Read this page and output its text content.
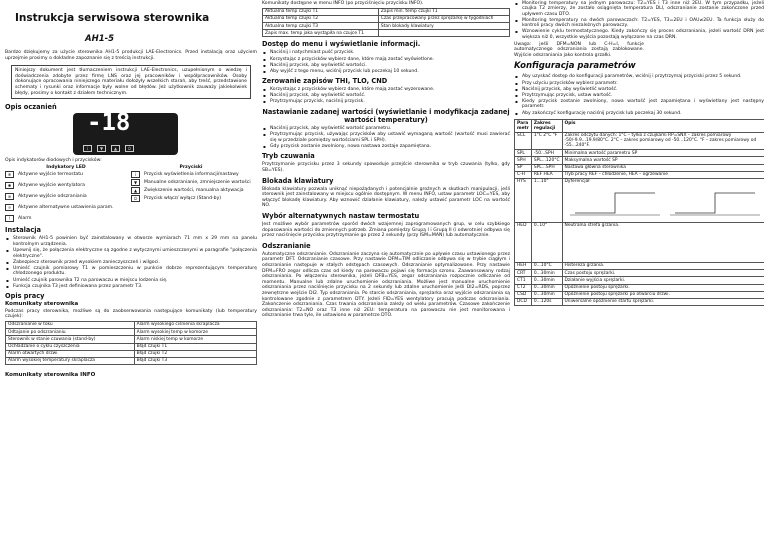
Instrukcja serwisowa sterownika
AH1-5
Bardzo dziękujemy za użycie sterownika AH1-5 produkcji LAE-Electronics. Przed instalacją oraz użyciem uprzejmie prosimy o dokładne zapoznanie się z treścią instrukcji.
Niniejszy dokument jest tłumaczeniem instrukcji LAE-Electronics, uzupełnionym o wiedzę i doświadczenia zdobyte przez firmę LNS oraz jej pracowników i współpracowników. Osoby dokonujące opracowania niniejszego materiału dołożyły wszelkich starań, aby treść, przedstawione schematy i rysunki oraz informacje były wolne od błędów. Jeż użytkownik zauważy jakiekolwiek błędy, prosimy o kontakt z działem technicznym.
Opis oczanień
-18
i	▼	▲	⏻
Opis indykatorów diodowych i przycisków:
Indykatory LED
❄	Aktywne wyjście termostatu
✱	Aktywne wyjście wentylatora
≋	Aktywne wyjście odszraniania
☼	Aktywne alternatywne ustawienia param.
!	Alarm
Przyciski
i	Przycisk wyświetlenia informacji/nastawy
▼	Manualne odszranianie, zmniejszenie wartości
▲	Zwiększenie wartości, manualna aktywacja
⏻	Przycisk włącz/ wyłącz (Stand-by)
Instalacja
▪ Sterownik AH1-5 powinien być zainstalowany w otworze wymiarach 71 mm x 29 mm na panelu kontrolnym urządzenia.
▪ Upewnij się, że połączenia elektryczne są zgodne z wytycznymi umieszczonymi w paragrafie "połączenia elektryczne".
▪ Zabezpiecz sterownik przed wysokiem zanieczyszczeń i wilgoci.
▪ Umieść czujnik pomiarowy T1 w pomieszczeniu w punkcie dobrze reprezentującym temperaturę chłodzonego produktu.
▪ Umieść czujnik parownika T2 na parowaczu w miejscu lodzenia się.
▪ Funkcja czujnika T3 jest definiowana przez parametr T3.
Opis pracy
Komunikaty sterownika
Podczas pracy sterownika, możliwe są do zaobserwowania następujące komunikaty (lub temperatury czujek):
Odszranianie w toku	Alarm wysokiego ciśnienia skraplacza
Odtajanie po odszranianiu	Alarm wysokiej temp w komorze
Sterownik w stanie czuwania (stand-by)	Alarm niskiej temp w komorze
Ochładzanie o cyklu czyszczenia	Błąd czujki T1
Alarm otwartych drzwi	Błąd czujki T2
Alarm wysokiej temperatury skraplacza	Błąd czujki T3
Komunikaty sterownika INFO
Komunikaty dostępne w menu INFO (po przyciśnięciu przycisku INFO).
Aktualna temp czujki T1	Zapis min. temp czujki T1
Aktualna temp czujki T2	Czas przepracowany przez sprężarkę w tygodniach
Aktualna temp czujki T3	Stan blokady klawiatury
Zapis max. temp jaka wystąpiła na czujce T1	
Dostęp do menu i wyświetlanie informacji.
▪ Naciśnij i natychmiast puść przycisk.
▪ Korzystając z przycisków wybierz dane, które mają zostać wyświetlone.
▪ Naciśnij przycisk, aby wyświetlić wartości.
▪ Aby wyjść z tego menu, wciśnij przycisk lub poczekaj 10 sekund.
Zerowanie zapisów THI, TLO, CND
▪ Korzystając z przycisków wybierz dane, które mają zostać wyzerowane.
▪ Naciśnij przycisk, aby wyświetlić wartość.
▪ Przytrzymując przycisk, naciśnij przycisk.
Nastawianie zadanej wartości (wyświetlanie i modyfikacja zadanej wartości temperatury)
▪ Naciśnij przycisk, aby wyświetlić wartość parametru.
▪ Przytrzymując przycisk, używając przycisków aby ustawić wymaganą wartość (wartość musi zawierać się w przedziale pomiędzy wartościami SPL i SPH).
▪ Gdy przycisk zostanie zwolniony, nowa nastawa zostaje zapamiętana.
Tryb czuwania
Przytrzymanie przycisku przez 3 sekundy spowoduje przejście sterownika w tryb czuwania (tylko, gdy SB=YES).
Blokada klawiatury
Blokada klawiatury pozwala uniknąć niepożądanych i potencjalnie groźnych w skutkach manipulacji, jeśli sterownik jest zainstalowany w miejscu ogólnie dostępnym. W menu INFO, ustaw parametr LOC=YES, aby włączyć blokadę klawiatury. Aby wznowić działanie klawiatury, należy ustawić parametr LOC na wartość NO.
Wybór alternatywnych nastaw termostatu
Jest możliwe wybór parametrów sporód dwóch wzajemnej zaprogramowanych grup, w celu szybkiego dopasowania wartości do zmiennych potrzeb. Zmiana pomiędzy Grupą I i Grupą II (i odwrotnie) odbywa się przez naciśnięcie przycisku przytrzymanie go przez 2 sekundy (przy ISM=MAN) lub automatycznie.
Odszranianie
Automatyczne odszranianie. Odszranianie zaczyna się automatycznie po upływie czasu ustawionego przez parametr DFT. Odszranianie czasowe. Przy nastawie DFM=TIM odliczanie odbywa się w trybie ciągłym i odszranianie następuje w stałych odstępach czasowych. Odszranianie optymalizowane. Przy nastawie DFM=FRO zegar odlicza czas od kiedy na parowaczu pojawi się formacja szronu. Zaawansowany rodzaj odszraniania. Po włączeniu sterownika, jeżeli DFB=YES, zegar odszraniania rozpocznie odliczanie od momentu. Manualne lub zdalne uruchomienie odszraniania. Możliwe jest manualne uruchomienie odszraniania przez naciśnięcie przycisku na 2 sekundy lub zdalne uruchomienie jeśli DI2=RDS, poprzez zewnętrzne wejście DI2. Typ odszraniania. Po starcie odszraniania, sprężarka oraz wyjście odszraniania są kontrolowane zgodnie z parametrem DTY. Jeżeli FID=YES wentylatory pracują podczas odszraniania. Zakończenie odszraniania. Czas trwania odszraniania zależy od wielu parametrów. Czasowe zakończenie odszraniania: T2=NO oraz T3 inne niż 2EU: temperatura na parowaczu nie jest monitorowana i odszranianie trwa tyle, ile ustawiono w parametrze DTO.
▪ Monitoring temperatury na jednym parowaczu: T2=YES i T3 inne niż 2EU. W tym przypadku, jeżeli czujka T2 zmierzy, że zostało osiągnięta temperatura DLI, odszranianie zostanie zakończone przed upływem czasu DTO.
▪ Monitoring temperatury na dwóch parowaczach: T2=YES, T3=2EU i OAU≠2EU. Ta funkcja służy do kontroli pracy dwóch niezależnych parowaczy.
▪ Wznowienie cyklu termostatycznego. Kiedy zakończy się proces odszraniania, jeżeli wartość DRN jest większa niż 0, wszystkie wyjścia pozostają wyłączone na czas DRN.
Uwaga: jeśli DFM=NON lub C-H=I, funkcje automatycznego odszraniania zostają zablokowane. Wyjście odszraniania jako kontrola grzałki.
Konfiguracja parametrów
▪ Aby uzyskać dostęp do konfiguracji parametrów, wciśnij i przytrzymaj przyciski przez 5 sekund.
▪ Przy użyciu przycisków wybierz parametr.
▪ Naciśnij przycisk, aby wyświetlić wartość.
▪ Przytrzymując przycisk, ustaw wartość.
▪ Kiedy przycisk zostanie zwolniony, nowa wartość jest zapamiętana i wyświetlany jest następny parametr.
▪ Aby zakończyć konfigurację naciśnij przycisk lub poczekaj 30 sekund.
Para metr	Zakres regulacji	Opis
SCL	1°C 2°C °F	Zakres odczytu danych: 1°C – tylko z czujkami RP=SNX – zakres pomiarowy -50/-9.9...19.9/80°C. 2°C – zakres pomiarowy od -50...120°C. °F – zakres pomiarowy od -55...240°F.
SPL	-50...SPH	Minimalna wartość parametru SP
SPH	SPL...120°C	Maksymalna wartość SP
SP	SPL...SPH	Nastawa główna sterownika
C-H	REF HEA	Tryb pracy REF – chłodzenie, HEA – ogrzewanie
HYS	1...10°	Dyferencjał
HED	0..10°	Neutralna strefa grzania.
HEH	0...10°C	Histereza grzania.
CRT	0...30min	Czas postoju sprężarki.
CT1	0...30min	Działanie wyjścia sprężarki.
CT2	0...30min	Opóźnienie postoju sprężarki.
CSD	0...30min	Opóźnienie postoju sprężarki po otwarciu drzwi.
DCD	0...120s	Uniwersalne opóźnienie startu sprężarki.
